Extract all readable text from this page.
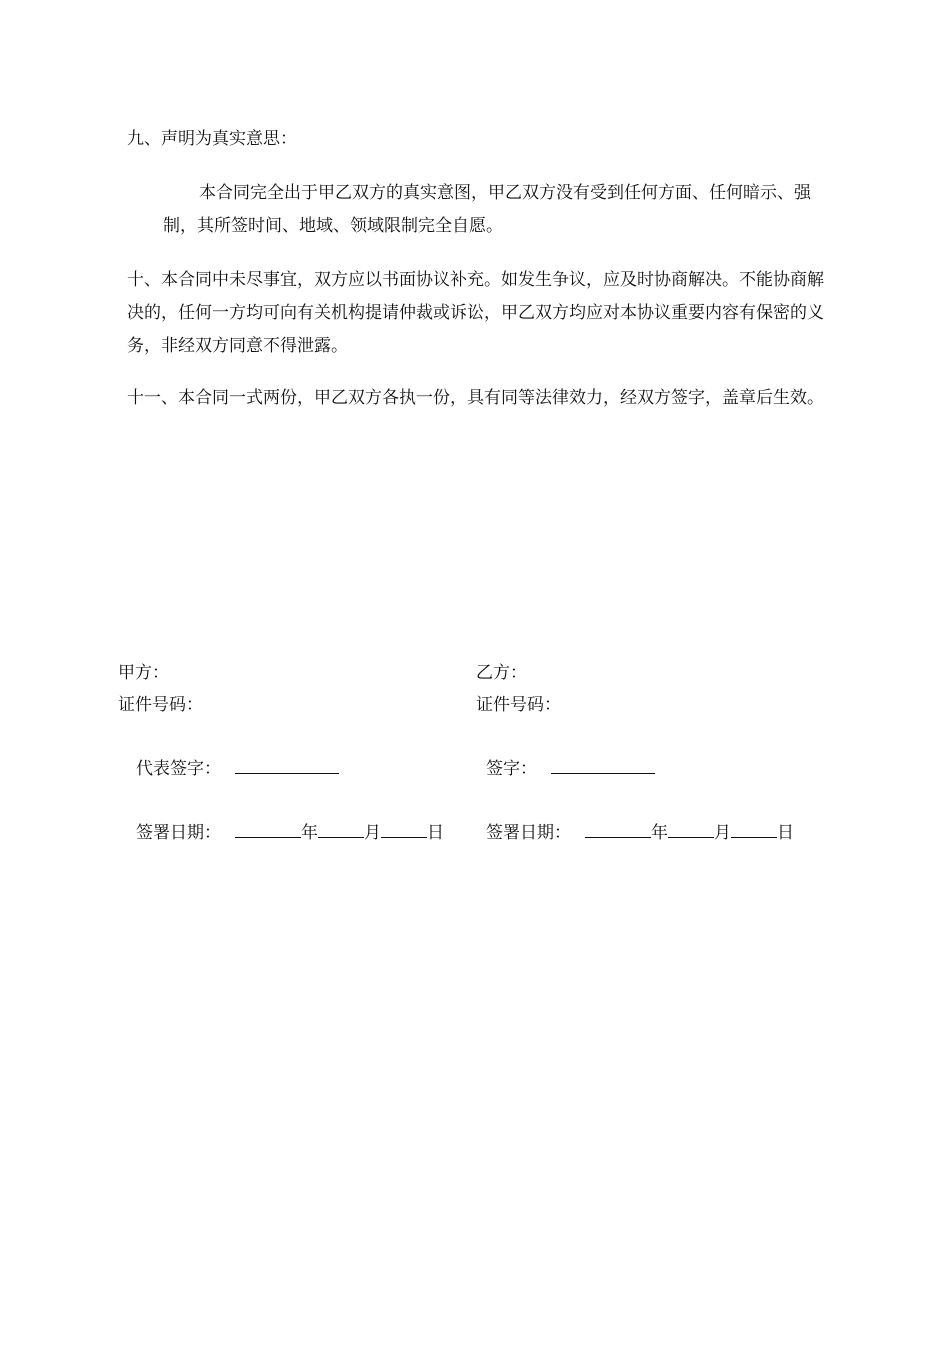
九、声明为真实意思：

本合同完全出于甲乙双方的真实意图，甲乙双方没有受到任何方面、任何暗示、强制，其所签时间、地域、领域限制完全自愿。

十、本合同中未尽事宜，双方应以书面协议补充。如发生争议，应及时协商解决。不能协商解决的，任何一方均可向有关机构提请仲裁或诉讼，甲乙双方均应对本协议重要内容有保密的义务，非经双方同意不得泄露。

十一、本合同一式两份，甲乙双方各执一份，具有同等法律效力，经双方签字，盖章后生效。

甲方：
证件号码：
代表签字：
签署日期：	年	月	日
乙方：
证件号码：
签字：
签署日期：	年	月	日
